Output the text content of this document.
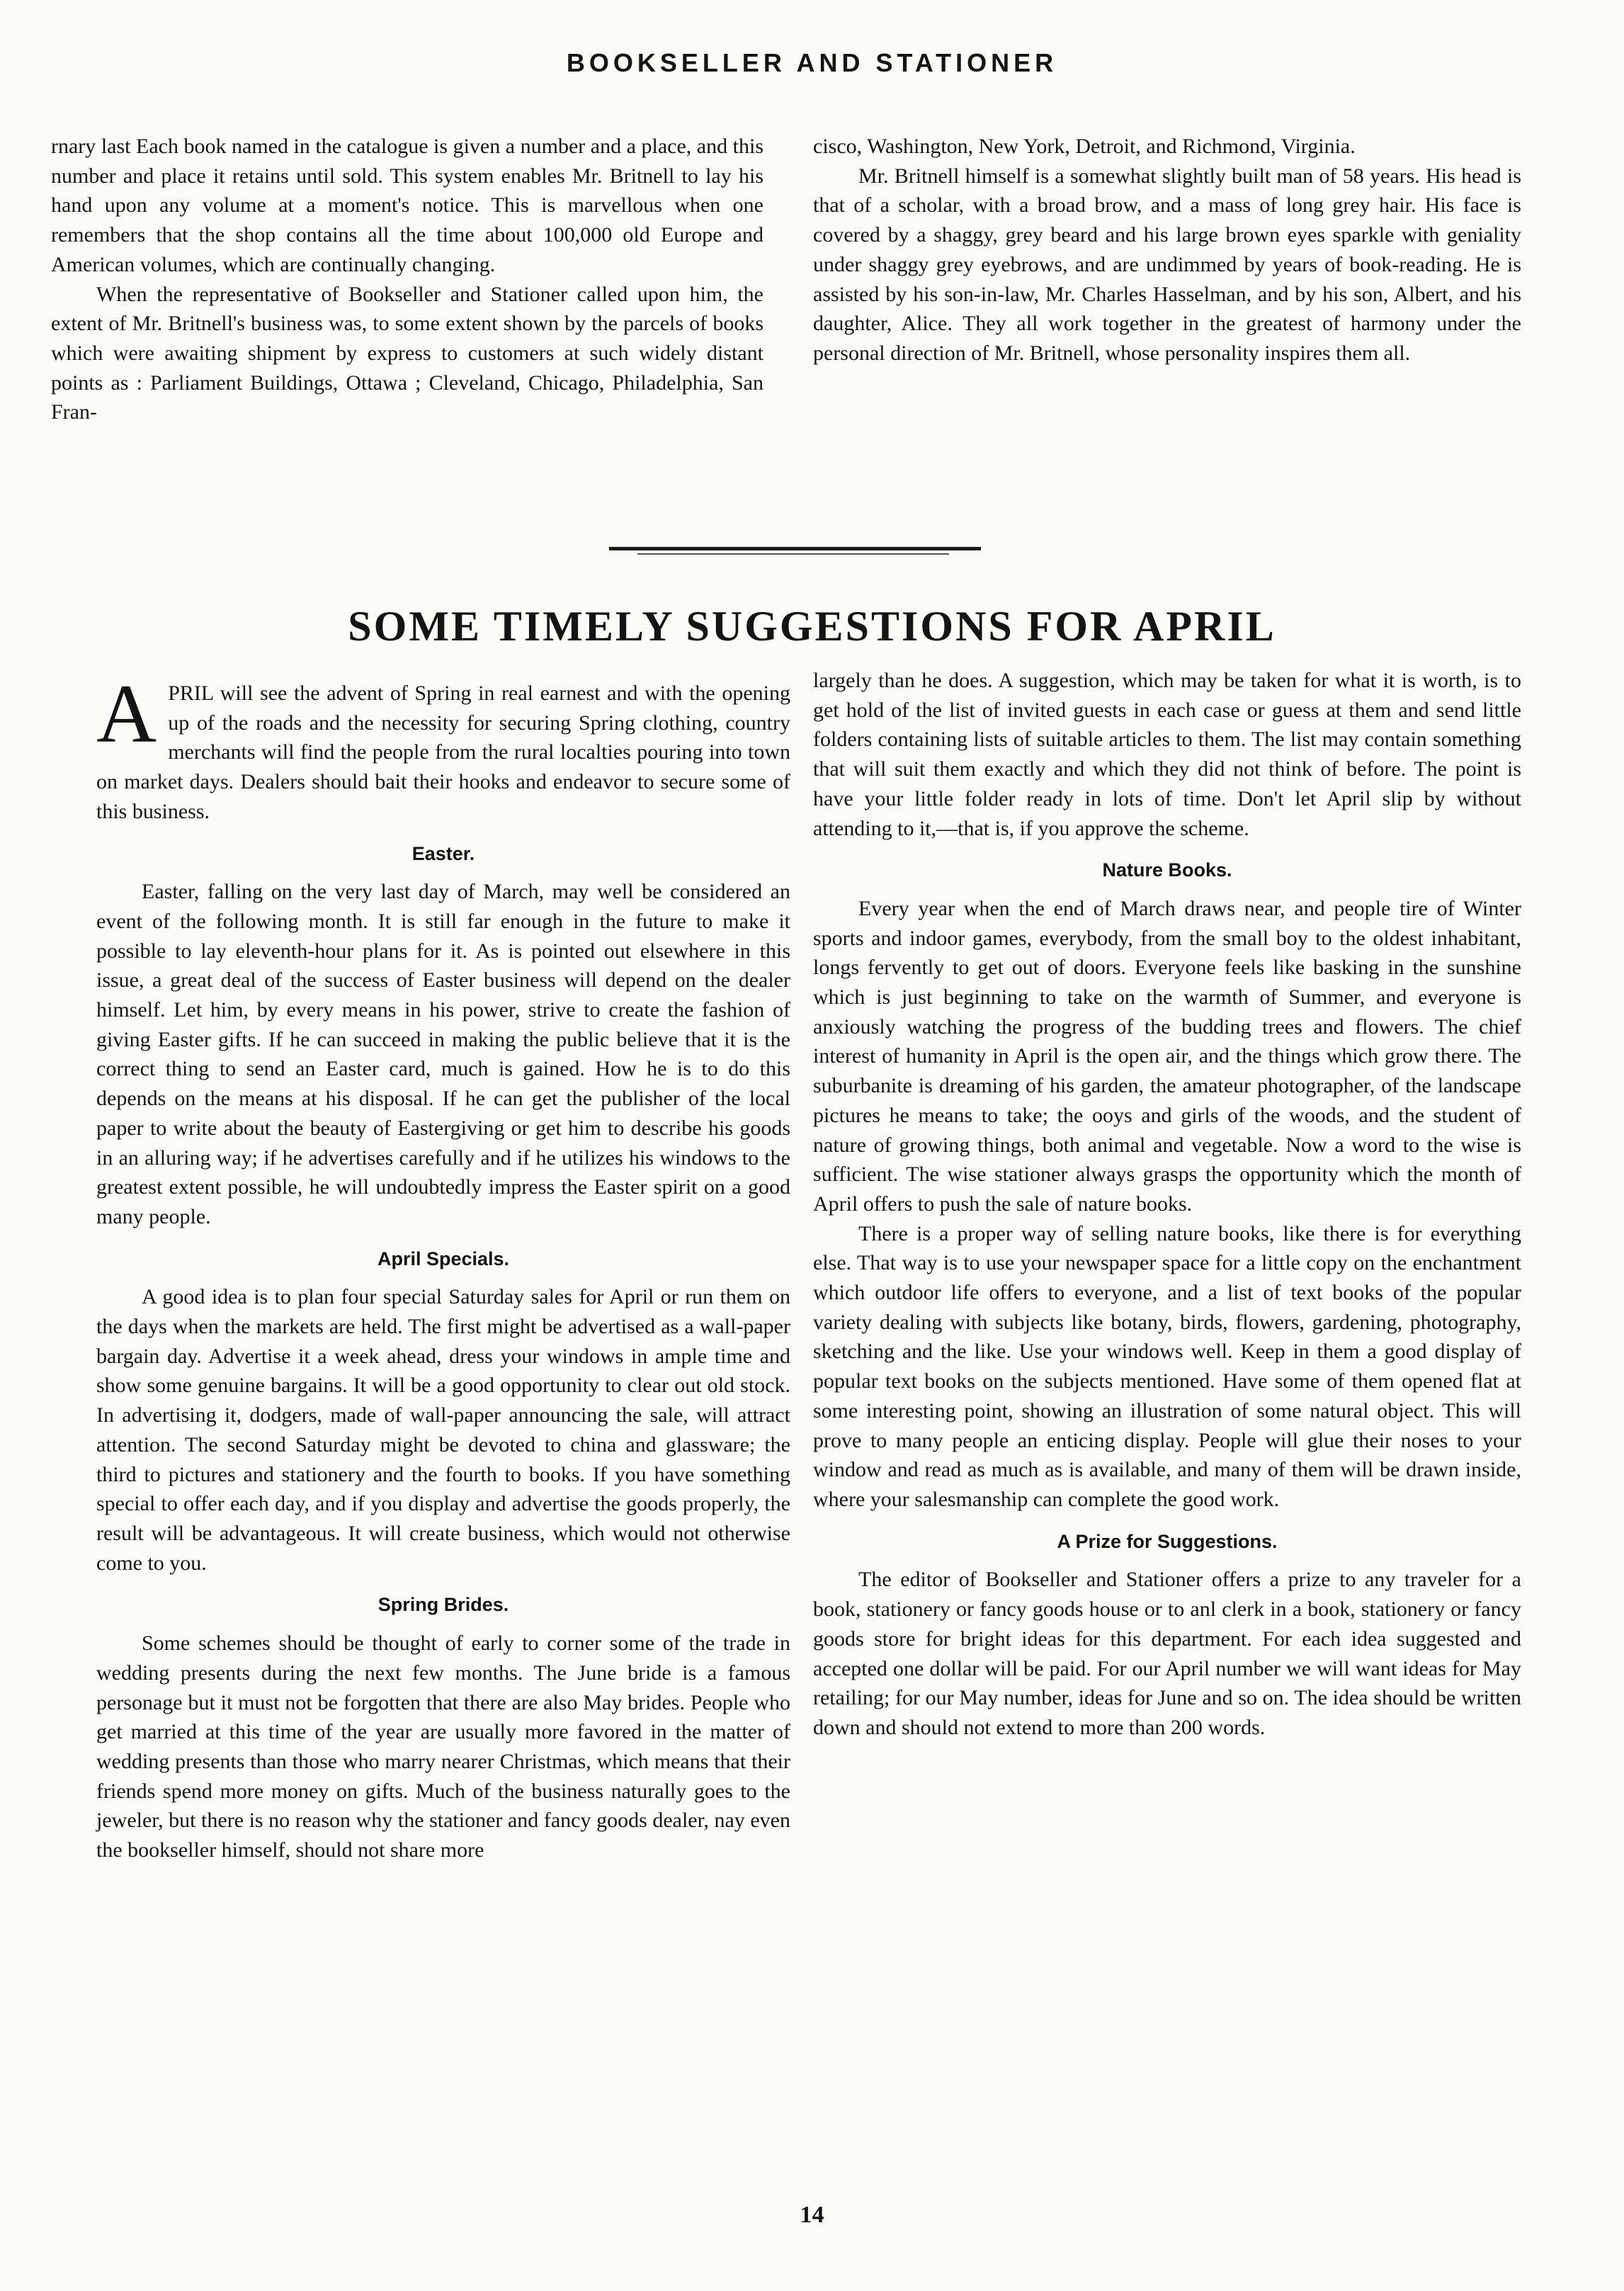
BOOKSELLER AND STATIONER

rnary last Each book named in the catalogue is given a number and a place, and this number and place it retains until sold. This system enables Mr. Britnell to lay his hand upon any volume at a moment's notice. This is marvellous when one remembers that the shop contains all the time about 100,000 old Europe and American volumes, which are continually changing.

When the representative of Bookseller and Stationer called upon him, the extent of Mr. Britnell's business was, to some extent shown by the parcels of books which were awaiting shipment by express to customers at such widely distant points as : Parliament Buildings, Ottawa ; Cleveland, Chicago, Philadelphia, San Fran-

cisco, Washington, New York, Detroit, and Richmond, Virginia.

Mr. Britnell himself is a somewhat slightly built man of 58 years. His head is that of a scholar, with a broad brow, and a mass of long grey hair. His face is covered by a shaggy, grey beard and his large brown eyes sparkle with geniality under shaggy grey eyebrows, and are undimmed by years of book-reading. He is assisted by his son-in-law, Mr. Charles Hasselman, and by his son, Albert, and his daughter, Alice. They all work together in the greatest of harmony under the personal direction of Mr. Britnell, whose personality inspires them all.

SOME TIMELY SUGGESTIONS FOR APRIL

APRIL will see the advent of Spring in real earnest and with the opening up of the roads and the necessity for securing Spring clothing, country merchants will find the people from the rural localties pouring into town on market days. Dealers should bait their hooks and endeavor to secure some of this business.

Easter.

Easter, falling on the very last day of March, may well be considered an event of the following month. It is still far enough in the future to make it possible to lay eleventh-hour plans for it. As is pointed out elsewhere in this issue, a great deal of the success of Easter business will depend on the dealer himself. Let him, by every means in his power, strive to create the fashion of giving Easter gifts. If he can succeed in making the public believe that it is the correct thing to send an Easter card, much is gained. How he is to do this depends on the means at his disposal. If he can get the publisher of the local paper to write about the beauty of Eastergiving or get him to describe his goods in an alluring way; if he advertises carefully and if he utilizes his windows to the greatest extent possible, he will undoubtedly impress the Easter spirit on a good many people.

April Specials.

A good idea is to plan four special Saturday sales for April or run them on the days when the markets are held. The first might be advertised as a wall-paper bargain day. Advertise it a week ahead, dress your windows in ample time and show some genuine bargains. It will be a good opportunity to clear out old stock. In advertising it, dodgers, made of wall-paper announcing the sale, will attract attention. The second Saturday might be devoted to china and glassware; the third to pictures and stationery and the fourth to books. If you have something special to offer each day, and if you display and advertise the goods properly, the result will be advantageous. It will create business, which would not otherwise come to you.

Spring Brides.

Some schemes should be thought of early to corner some of the trade in wedding presents during the next few months. The June bride is a famous personage but it must not be forgotten that there are also May brides. People who get married at this time of the year are usually more favored in the matter of wedding presents than those who marry nearer Christmas, which means that their friends spend more money on gifts. Much of the business naturally goes to the jeweler, but there is no reason why the stationer and fancy goods dealer, nay even the bookseller himself, should not share more

largely than he does. A suggestion, which may be taken for what it is worth, is to get hold of the list of invited guests in each case or guess at them and send little folders containing lists of suitable articles to them. The list may contain something that will suit them exactly and which they did not think of before. The point is have your little folder ready in lots of time. Don't let April slip by without attending to it,—that is, if you approve the scheme.

Nature Books.

Every year when the end of March draws near, and people tire of Winter sports and indoor games, everybody, from the small boy to the oldest inhabitant, longs fervently to get out of doors. Everyone feels like basking in the sunshine which is just beginning to take on the warmth of Summer, and everyone is anxiously watching the progress of the budding trees and flowers. The chief interest of humanity in April is the open air, and the things which grow there. The suburbanite is dreaming of his garden, the amateur photographer, of the landscape pictures he means to take; the ooys and girls of the woods, and the student of nature of growing things, both animal and vegetable. Now a word to the wise is sufficient. The wise stationer always grasps the opportunity which the month of April offers to push the sale of nature books.

There is a proper way of selling nature books, like there is for everything else. That way is to use your newspaper space for a little copy on the enchantment which outdoor life offers to everyone, and a list of text books of the popular variety dealing with subjects like botany, birds, flowers, gardening, photography, sketching and the like. Use your windows well. Keep in them a good display of popular text books on the subjects mentioned. Have some of them opened flat at some interesting point, showing an illustration of some natural object. This will prove to many people an enticing display. People will glue their noses to your window and read as much as is available, and many of them will be drawn inside, where your salesmanship can complete the good work.

A Prize for Suggestions.

The editor of Bookseller and Stationer offers a prize to any traveler for a book, stationery or fancy goods house or to anl clerk in a book, stationery or fancy goods store for bright ideas for this department. For each idea suggested and accepted one dollar will be paid. For our April number we will want ideas for May retailing; for our May number, ideas for June and so on. The idea should be written down and should not extend to more than 200 words.

14
